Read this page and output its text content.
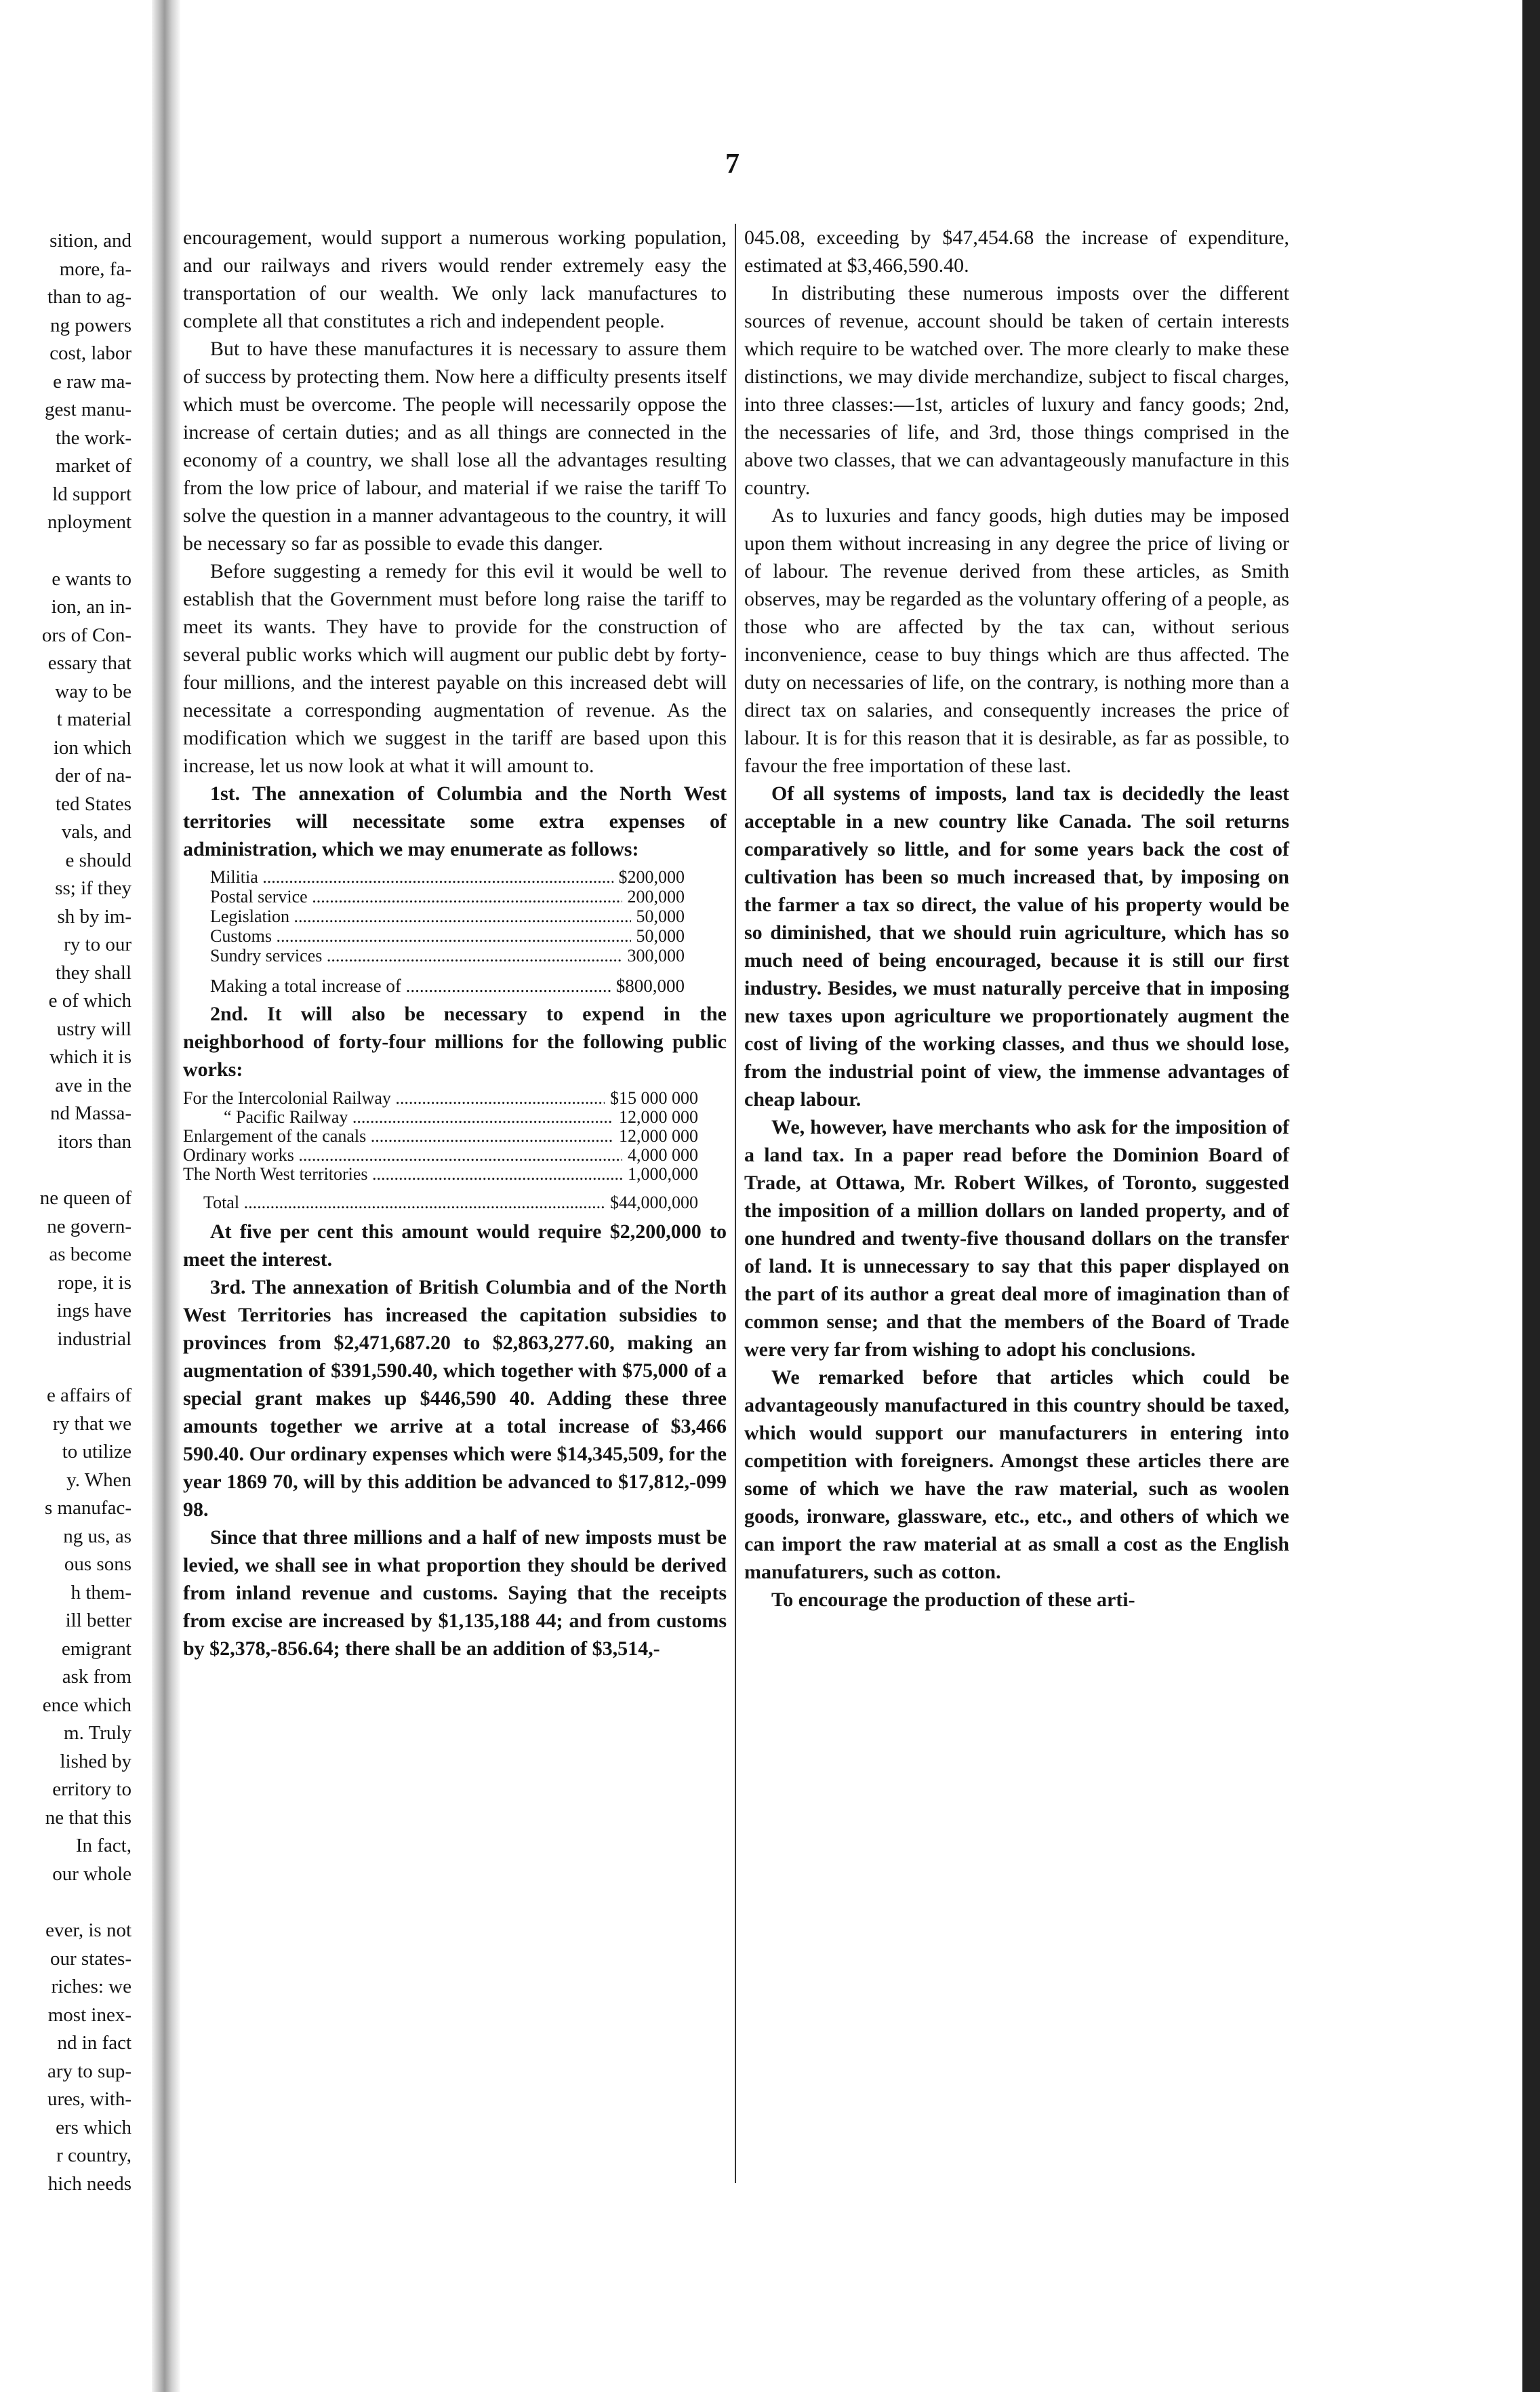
7
sition, and
more, fa-
than to ag-
ng powers
cost, labor
e raw ma-
gest manu-
the work-
market of
ld support
nployment
e wants to
ion, an in-
ors of Con-
essary that
way to be
t material
ion which
der of na-
ted States
vals, and
e should
ss; if they
sh by im-
ry to our
they shall
e of which
ustry will
which it is
ave in the
nd Massa-
itors than
ne queen of
ne govern-
as become
rope, it is
ings have
industrial
e affairs of
ry that we
to utilize
y. When
s manufac-
ng us, as
ous sons
h them-
ill better
emigrant
ask from
ence which
m. Truly
lished by
erritory to
ne that this
In fact,
our whole
ever, is not
our states-
riches: we
most inex-
nd in fact
ary to sup-
ures, with-
ers which
r country,
hich needs

encouragement, would support a numerous working population, and our railways and rivers would render extremely easy the transportation of our wealth. We only lack manufactures to complete all that constitutes a rich and independent people.

But to have these manufactures it is necessary to assure them of success by protecting them. Now here a difficulty presents itself which must be overcome. The people will necessarily oppose the increase of certain duties; and as all things are connected in the economy of a country, we shall lose all the advantages resulting from the low price of labour, and material if we raise the tariff To solve the question in a manner advantageous to the country, it will be necessary so far as possible to evade this danger.

Before suggesting a remedy for this evil it would be well to establish that the Government must before long raise the tariff to meet its wants. They have to provide for the construction of several public works which will augment our public debt by forty-four millions, and the interest payable on this increased debt will necessitate a corresponding augmentation of revenue. As the modification which we suggest in the tariff are based upon this increase, let us now look at what it will amount to.

1st. The annexation of Columbia and the North West territories will necessitate some extra expenses of administration, which we may enumerate as follows:

Militia .....	$200,000
Postal service .....	200,000
Legislation .....	50,000
Customs .....	50,000
Sundry services .....	300,000
Making a total increase of .....	$800,000

2nd. It will also be necessary to expend in the neighborhood of forty-four millions for the following public works:

For the Intercolonial Railway .....	$15 000 000
“ Pacific Railway .....	12,000 000
Enlargement of the canals .....	12,000 000
Ordinary works .....	4,000 000
The North West territories .....	1,000,000
Total .....	$44,000,000

At five per cent this amount would require $2,200,000 to meet the interest.

3rd. The annexation of British Columbia and of the North West Territories has increased the capitation subsidies to provinces from $2,471,687.20 to $2,863,277.60, making an augmentation of $391,590.40, which together with $75,000 of a special grant makes up $446,590 40. Adding these three amounts together we arrive at a total increase of $3,466 590.40. Our ordinary expenses which were $14,345,509, for the year 1869 70, will by this addition be advanced to $17,812,-099 98.

Since that three millions and a half of new imposts must be levied, we shall see in what proportion they should be derived from inland revenue and customs. Saying that the receipts from excise are increased by $1,135,188 44; and from customs by $2,378,-856.64; there shall be an addition of $3,514,-

045.08, exceeding by $47,454.68 the increase of expenditure, estimated at $3,466,590.40.

In distributing these numerous imposts over the different sources of revenue, account should be taken of certain interests which require to be watched over. The more clearly to make these distinctions, we may divide merchandize, subject to fiscal charges, into three classes:—1st, articles of luxury and fancy goods; 2nd, the necessaries of life, and 3rd, those things comprised in the above two classes, that we can advantageously manufacture in this country.

As to luxuries and fancy goods, high duties may be imposed upon them without increasing in any degree the price of living or of labour. The revenue derived from these articles, as Smith observes, may be regarded as the voluntary offering of a people, as those who are affected by the tax can, without serious inconvenience, cease to buy things which are thus affected. The duty on necessaries of life, on the contrary, is nothing more than a direct tax on salaries, and consequently increases the price of labour. It is for this reason that it is desirable, as far as possible, to favour the free importation of these last.

Of all systems of imposts, land tax is decidedly the least acceptable in a new country like Canada. The soil returns comparatively so little, and for some years back the cost of cultivation has been so much increased that, by imposing on the farmer a tax so direct, the value of his property would be so diminished, that we should ruin agriculture, which has so much need of being encouraged, because it is still our first industry. Besides, we must naturally perceive that in imposing new taxes upon agriculture we proportionately augment the cost of living of the working classes, and thus we should lose, from the industrial point of view, the immense advantages of cheap labour.

We, however, have merchants who ask for the imposition of a land tax. In a paper read before the Dominion Board of Trade, at Ottawa, Mr. Robert Wilkes, of Toronto, suggested the imposition of a million dollars on landed property, and of one hundred and twenty-five thousand dollars on the transfer of land. It is unnecessary to say that this paper displayed on the part of its author a great deal more of imagination than of common sense; and that the members of the Board of Trade were very far from wishing to adopt his conclusions.

We remarked before that articles which could be advantageously manufactured in this country should be taxed, which would support our manufacturers in entering into competition with foreigners. Amongst these articles there are some of which we have the raw material, such as woolen goods, ironware, glassware, etc., etc., and others of which we can import the raw material at as small a cost as the English manufaturers, such as cotton.

To encourage the production of these arti-
